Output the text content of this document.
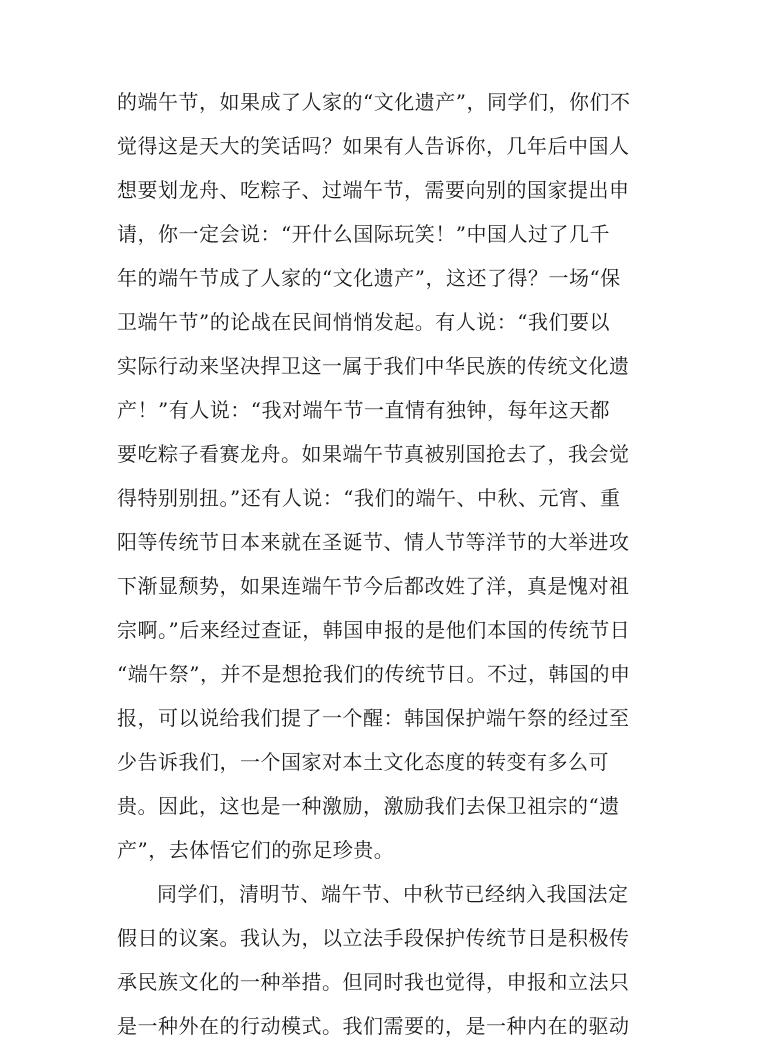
的端午节，如果成了人家的“文化遗产”，同学们，你们不
觉得这是天大的笑话吗？如果有人告诉你，几年后中国人
想要划龙舟、吃粽子、过端午节，需要向别的国家提出申
请，你一定会说：“开什么国际玩笑！”中国人过了几千
年的端午节成了人家的“文化遗产”，这还了得？一场“保
卫端午节”的论战在民间悄悄发起。有人说：“我们要以
实际行动来坚决捍卫这一属于我们中华民族的传统文化遗
产！”有人说：“我对端午节一直情有独钟，每年这天都
要吃粽子看赛龙舟。如果端午节真被别国抢去了，我会觉
得特别别扭。”还有人说：“我们的端午、中秋、元宵、重
阳等传统节日本来就在圣诞节、情人节等洋节的大举进攻
下渐显颓势，如果连端午节今后都改姓了洋，真是愧对祖
宗啊。”后来经过查证，韩国申报的是他们本国的传统节日
“端午祭”，并不是想抢我们的传统节日。不过，韩国的申
报，可以说给我们提了一个醒：韩国保护端午祭的经过至
少告诉我们，一个国家对本土文化态度的转变有多么可
贵。因此，这也是一种激励，激励我们去保卫祖宗的“遗
产”，去体悟它们的弥足珍贵。
同学们，清明节、端午节、中秋节已经纳入我国法定
假日的议案。我认为，以立法手段保护传统节日是积极传
承民族文化的一种举措。但同时我也觉得，申报和立法只
是一种外在的行动模式。我们需要的，是一种内在的驱动
